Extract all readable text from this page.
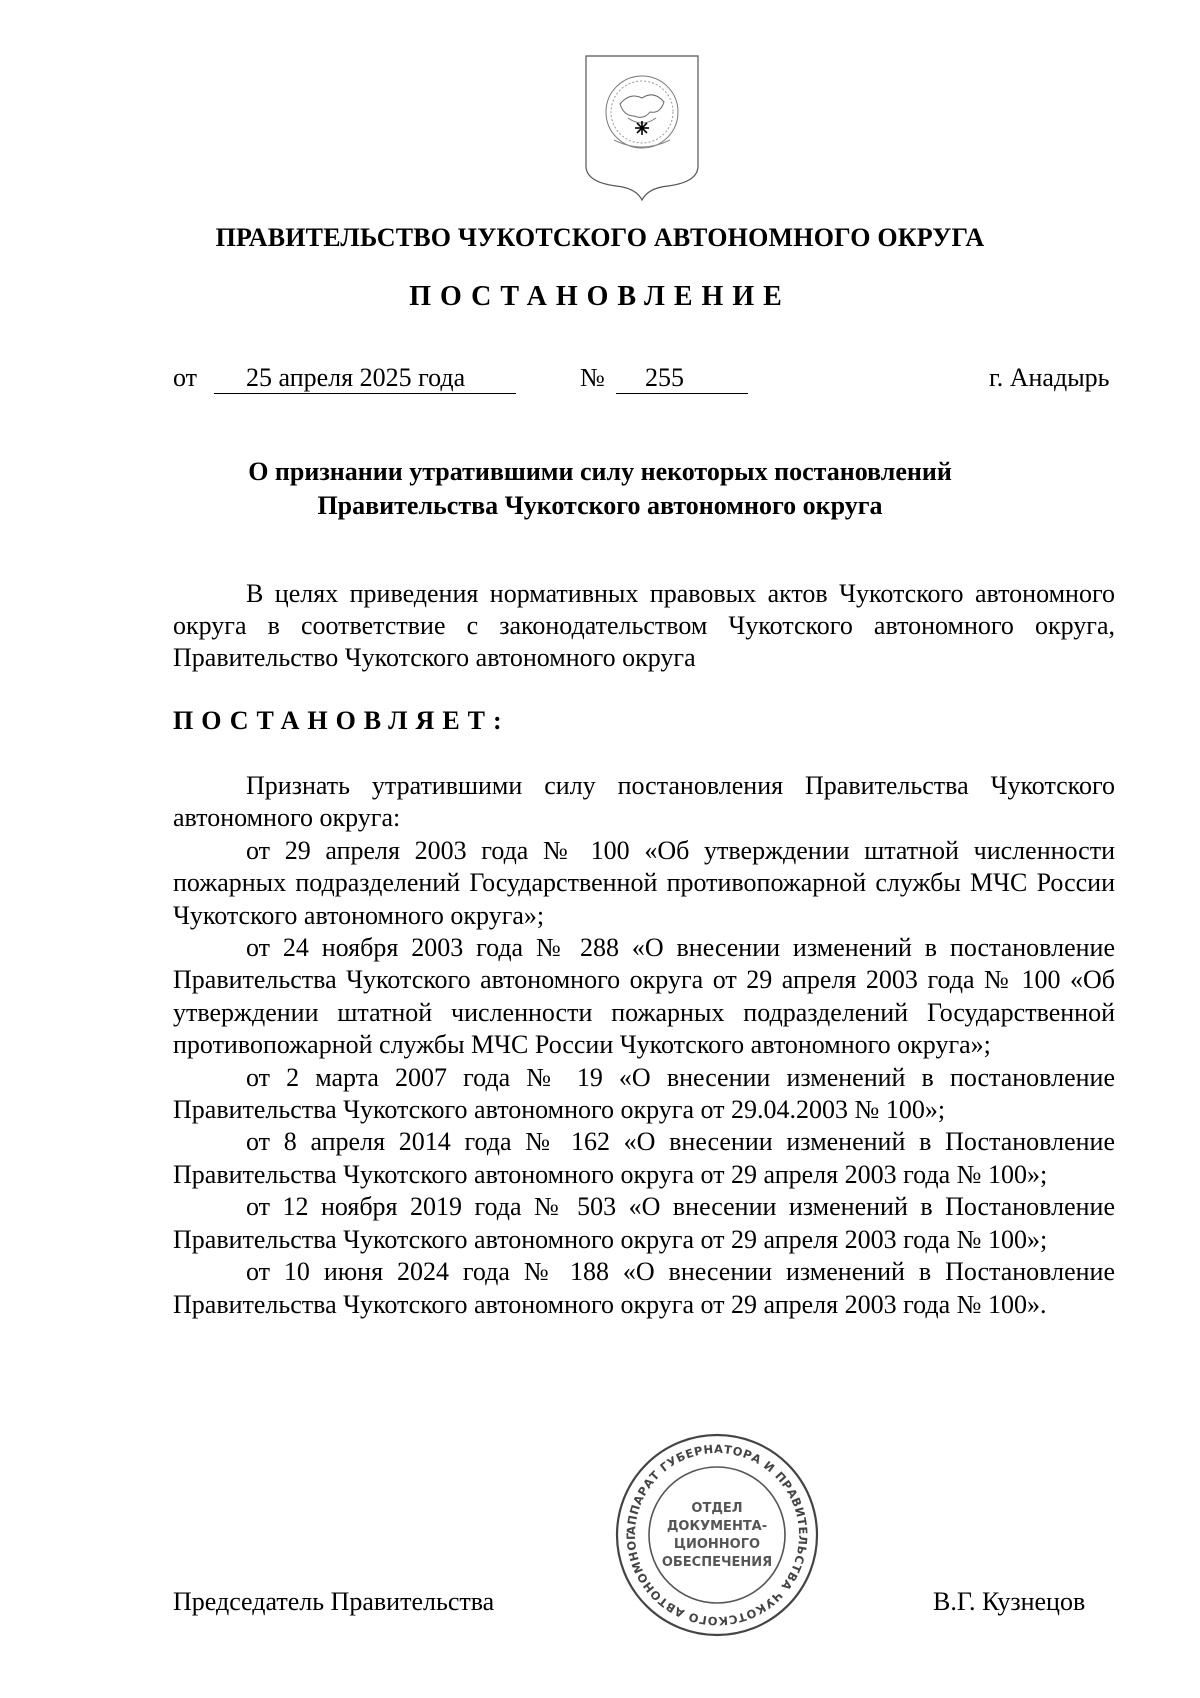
ПРАВИТЕЛЬСТВО ЧУКОТСКОГО АВТОНОМНОГО ОКРУГА
ПОСТАНОВЛЕНИЕ
от 25 апреля 2025 года	№ 255	г. Анадырь
О признании утратившими силу некоторых постановлений
Правительства Чукотского автономного округа

В целях приведения нормативных правовых актов Чукотского автономного округа в соответствие с законодательством Чукотского автономного округа, Правительство Чукотского автономного округа

ПОСТАНОВЛЯЕТ:

Признать утратившими силу постановления Правительства Чукотского автономного округа:

от 29 апреля 2003 года № 100 «Об утверждении штатной численности пожарных подразделений Государственной противопожарной службы МЧС России Чукотского автономного округа»;

от 24 ноября 2003 года № 288 «О внесении изменений в постановление Правительства Чукотского автономного округа от 29 апреля 2003 года № 100 «Об утверждении штатной численности пожарных подразделений Государственной противопожарной службы МЧС России Чукотского автономного округа»;

от 2 марта 2007 года № 19 «О внесении изменений в постановление Правительства Чукотского автономного округа от 29.04.2003 № 100»;

от 8 апреля 2014 года № 162 «О внесении изменений в Постановление Правительства Чукотского автономного округа от 29 апреля 2003 года № 100»;

от 12 ноября 2019 года № 503 «О внесении изменений в Постановление Правительства Чукотского автономного округа от 29 апреля 2003 года № 100»;

от 10 июня 2024 года № 188 «О внесении изменений в Постановление Правительства Чукотского автономного округа от 29 апреля 2003 года № 100».

Председатель Правительства	В.Г. Кузнецов
АППАРАТ ГУБЕРНАТОРА И ПРАВИТЕЛЬСТВА ЧУКОТСКОГО АВТОНОМНОГ
ОТДЕЛ
ДОКУМЕНТА-
ЦИОННОГО
ОБЕСПЕЧЕНИЯ
